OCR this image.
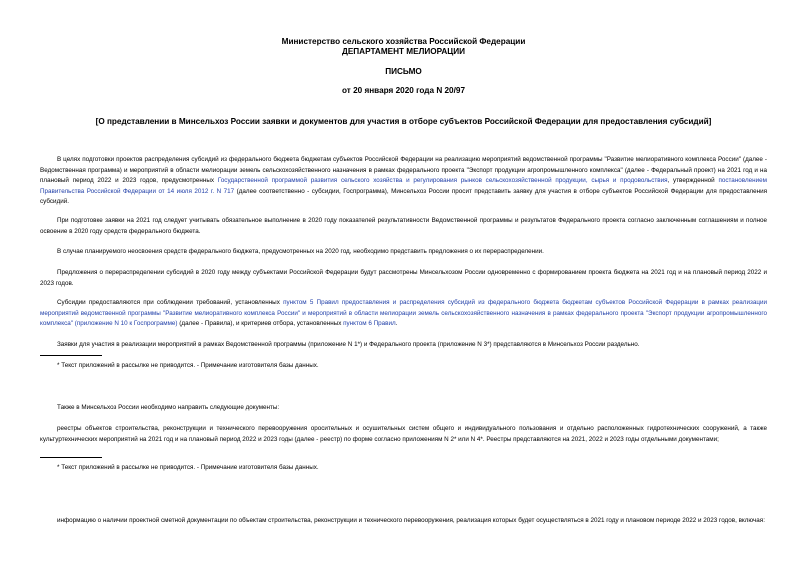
Министерство сельского хозяйства Российской Федерации
ДЕПАРТАМЕНТ МЕЛИОРАЦИИ
ПИСЬМО
от 20 января 2020 года N 20/97
[О представлении в Минсельхоз России заявки и документов для участия в отборе субъектов Российской Федерации для предоставления субсидий]

В целях подготовки проектов распределения субсидий из федерального бюджета бюджетам субъектов Российской Федерации на реализацию мероприятий ведомственной программы "Развитие мелиоративного комплекса России" (далее - Ведомственная программа) и мероприятий в области мелиорации земель сельскохозяйственного назначения в рамках федерального проекта "Экспорт продукции агропромышленного комплекса" (далее - Федеральный проект) на 2021 год и на плановый период 2022 и 2023 годов, предусмотренных Государственной программой развития сельского хозяйства и регулирования рынков сельскохозяйственной продукции, сырья и продовольствия, утвержденной постановлением Правительства Российской Федерации от 14 июля 2012 г. N 717 (далее соответственно - субсидии, Госпрограмма), Минсельхоз России просит представить заявку для участия в отборе субъектов Российской Федерации для предоставления субсидий.

При подготовке заявки на 2021 год следует учитывать обязательное выполнение в 2020 году показателей результативности Ведомственной программы и результатов Федерального проекта согласно заключенным соглашениям и полное освоение в 2020 году средств федерального бюджета.

В случае планируемого неосвоения средств федерального бюджета, предусмотренных на 2020 год, необходимо представить предложения о их перераспределении.

Предложения о перераспределении субсидий в 2020 году между субъектами Российской Федерации будут рассмотрены Минсельхозом России одновременно с формированием проекта бюджета на 2021 год и на плановый период 2022 и 2023 годов.

Субсидии предоставляются при соблюдении требований, установленных пунктом 5 Правил предоставления и распределения субсидий из федерального бюджета бюджетам субъектов Российской Федерации в рамках реализации мероприятий ведомственной программы "Развитие мелиоративного комплекса России" и мероприятий в области мелиорации земель сельскохозяйственного назначения в рамках федерального проекта "Экспорт продукции агропромышленного комплекса" (приложение N 10 к Госпрограмме) (далее - Правила), и критериев отбора, установленных пунктом 6 Правил.

Заявки для участия в реализации мероприятий в рамках Ведомственной программы (приложение N 1*) и Федерального проекта (приложение N 3*) представляются в Минсельхоз России раздельно.

* Текст приложений в рассылке не приводится. - Примечание изготовителя базы данных.

Также в Минсельхоз России необходимо направить следующие документы:

реестры объектов строительства, реконструкции и технического перевооружения оросительных и осушительных систем общего и индивидуального пользования и отдельно расположенных гидротехнических сооружений, а также культуртехнических мероприятий на 2021 год и на плановый период 2022 и 2023 годы (далее - реестр) по форме согласно приложениям N 2* или N 4*. Реестры представляются на 2021, 2022 и 2023 годы отдельными документами;

* Текст приложений в рассылке не приводится. - Примечание изготовителя базы данных.

информацию о наличии проектной сметной документации по объектам строительства, реконструкции и технического перевооружения, реализация которых будет осуществляться в 2021 году и плановом периоде 2022 и 2023 годов, включая:
